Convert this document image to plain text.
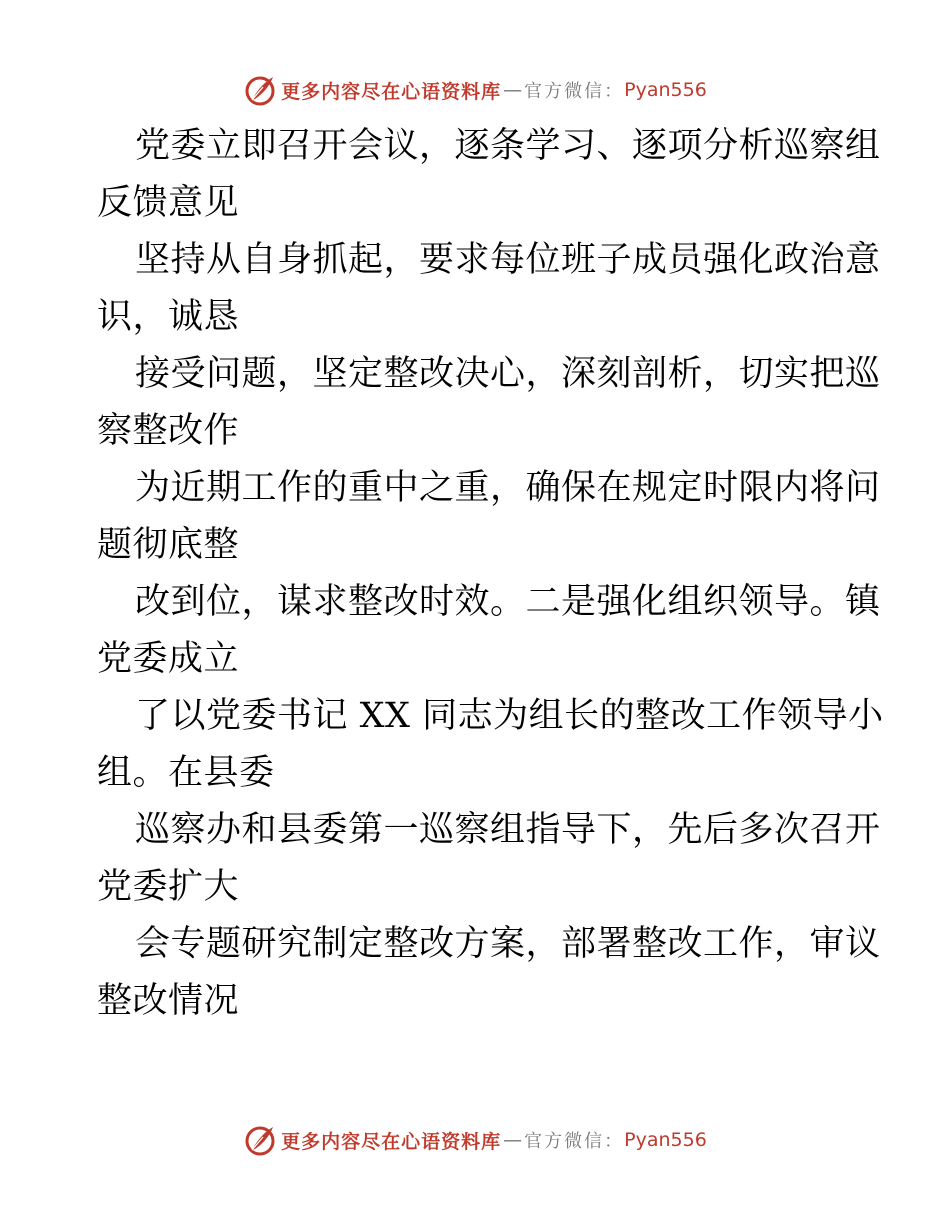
更多内容尽在心语资料库 — 官方微信： Pyan556
党委立即召开会议，逐条学习、逐项分析巡察组
反馈意见
坚持从自身抓起，要求每位班子成员强化政治意
识，诚恳
接受问题，坚定整改决心，深刻剖析，切实把巡
察整改作
为近期工作的重中之重，确保在规定时限内将问
题彻底整
改到位，谋求整改时效。二是强化组织领导。镇
党委成立
了以党委书记 XX 同志为组长的整改工作领导小
组。在县委
巡察办和县委第一巡察组指导下，先后多次召开
党委扩大
会专题研究制定整改方案，部署整改工作，审议
整改情况
更多内容尽在心语资料库 — 官方微信： Pyan556
